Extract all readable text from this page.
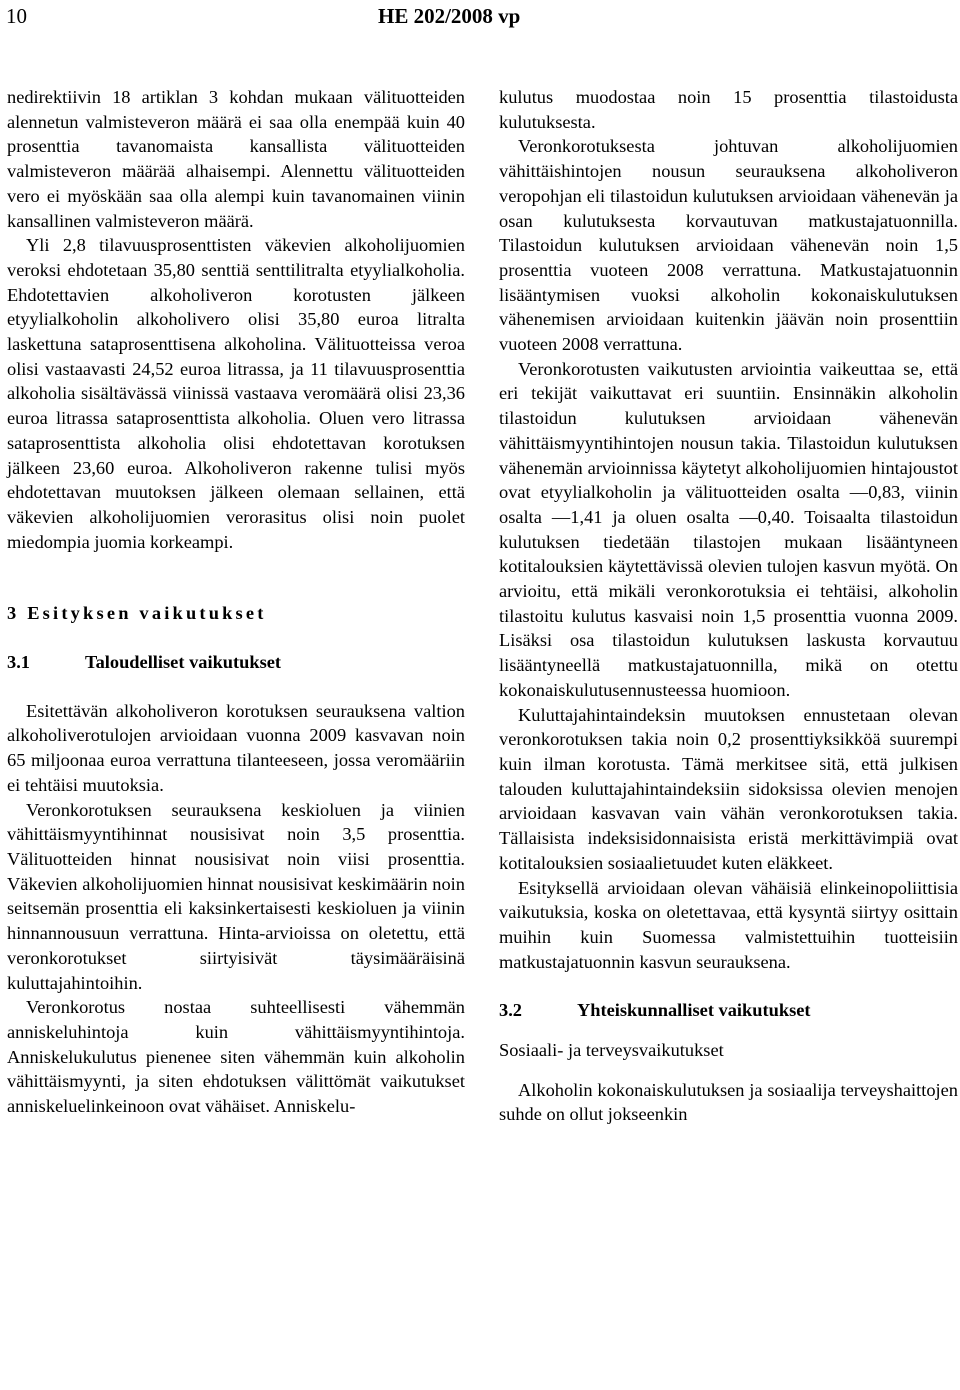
10	HE 202/2008 vp

nedirektiivin 18 artiklan 3 kohdan mukaan välituotteiden alennetun valmisteveron määrä ei saa olla enempää kuin 40 prosenttia tavanomaista kansallista välituotteiden valmisteveron määrää alhaisempi. Alennettu välituotteiden vero ei myöskään saa olla alempi kuin tavanomainen viinin kansallinen valmisteveron määrä.

Yli 2,8 tilavuusprosenttisten väkevien alkoholijuomien veroksi ehdotetaan 35,80 senttiä senttilitralta etyylialkoholia. Ehdotettavien alkoholiveron korotusten jälkeen etyylialkoholin alkoholivero olisi 35,80 euroa litralta laskettuna sataprosenttisena alkoholina. Välituotteissa veroa olisi vastaavasti 24,52 euroa litrassa, ja 11 tilavuusprosenttia alkoholia sisältävässä viinissä vastaava veromäärä olisi 23,36 euroa litrassa sataprosenttista alkoholia. Oluen vero litrassa sataprosenttista alkoholia olisi ehdotettavan korotuksen jälkeen 23,60 euroa. Alkoholiveron rakenne tulisi myös ehdotettavan muutoksen jälkeen olemaan sellainen, että väkevien alkoholijuomien verorasitus olisi noin puolet miedompia juomia korkeampi.

3 Esityksen vaikutukset

3.1	Taloudelliset vaikutukset

Esitettävän alkoholiveron korotuksen seurauksena valtion alkoholiverotulojen arvioidaan vuonna 2009 kasvavan noin 65 miljoonaa euroa verrattuna tilanteeseen, jossa veromääriin ei tehtäisi muutoksia.

Veronkorotuksen seurauksena keskioluen ja viinien vähittäismyyntihinnat nousisivat noin 3,5 prosenttia. Välituotteiden hinnat nousisivat noin viisi prosenttia. Väkevien alkoholijuomien hinnat nousisivat keskimäärin noin seitsemän prosenttia eli kaksinkertaisesti keskioluen ja viinin hinnannousuun verrattuna. Hinta-arvioissa on oletettu, että veronkorotukset siirtyisivät täysimääräisinä kuluttajahintoihin.

Veronkorotus nostaa suhteellisesti vähemmän anniskeluhintoja kuin vähittäismyyntihintoja. Anniskelukulutus pienenee siten vähemmän kuin alkoholin vähittäismyynti, ja siten ehdotuksen välittömät vaikutukset anniskeluelinkeinoon ovat vähäiset. Anniskelu-

kulutus muodostaa noin 15 prosenttia tilastoidusta kulutuksesta.

Veronkorotuksesta johtuvan alkoholijuomien vähittäishintojen nousun seurauksena alkoholiveron veropohjan eli tilastoidun kulutuksen arvioidaan vähenevän ja osan kulutuksesta korvautuvan matkustajatuonnilla. Tilastoidun kulutuksen arvioidaan vähenevän noin 1,5 prosenttia vuoteen 2008 verrattuna. Matkustajatuonnin lisääntymisen vuoksi alkoholin kokonaiskulutuksen vähenemisen arvioidaan kuitenkin jäävän noin prosenttiin vuoteen 2008 verrattuna.

Veronkorotusten vaikutusten arviointia vaikeuttaa se, että eri tekijät vaikuttavat eri suuntiin. Ensinnäkin alkoholin tilastoidun kulutuksen arvioidaan vähenevän vähittäismyyntihintojen nousun takia. Tilastoidun kulutuksen vähenemän arvioinnissa käytetyt alkoholijuomien hintajoustot ovat etyylialkoholin ja välituotteiden osalta —0,83, viinin osalta —1,41 ja oluen osalta —0,40. Toisaalta tilastoidun kulutuksen tiedetään tilastojen mukaan lisääntyneen kotitalouksien käytettävissä olevien tulojen kasvun myötä. On arvioitu, että mikäli veronkorotuksia ei tehtäisi, alkoholin tilastoitu kulutus kasvaisi noin 1,5 prosenttia vuonna 2009. Lisäksi osa tilastoidun kulutuksen laskusta korvautuu lisääntyneellä matkustajatuonnilla, mikä on otettu kokonaiskulutusennusteessa huomioon.

Kuluttajahintaindeksin muutoksen ennustetaan olevan veronkorotuksen takia noin 0,2 prosenttiyksikköä suurempi kuin ilman korotusta. Tämä merkitsee sitä, että julkisen talouden kuluttajahintaindeksiin sidoksissa olevien menojen arvioidaan kasvavan vain vähän veronkorotuksen takia. Tällaisista indeksisidonnaisista eristä merkittävimpiä ovat kotitalouksien sosiaalietuudet kuten eläkkeet.

Esityksellä arvioidaan olevan vähäisiä elinkeinopoliittisia vaikutuksia, koska on oletettavaa, että kysyntä siirtyy osittain muihin kuin Suomessa valmistettuihin tuotteisiin matkustajatuonnin kasvun seurauksena.

3.2	Yhteiskunnalliset vaikutukset

Sosiaali- ja terveysvaikutukset

Alkoholin kokonaiskulutuksen ja sosiaalija terveyshaittojen suhde on ollut jokseenkin
